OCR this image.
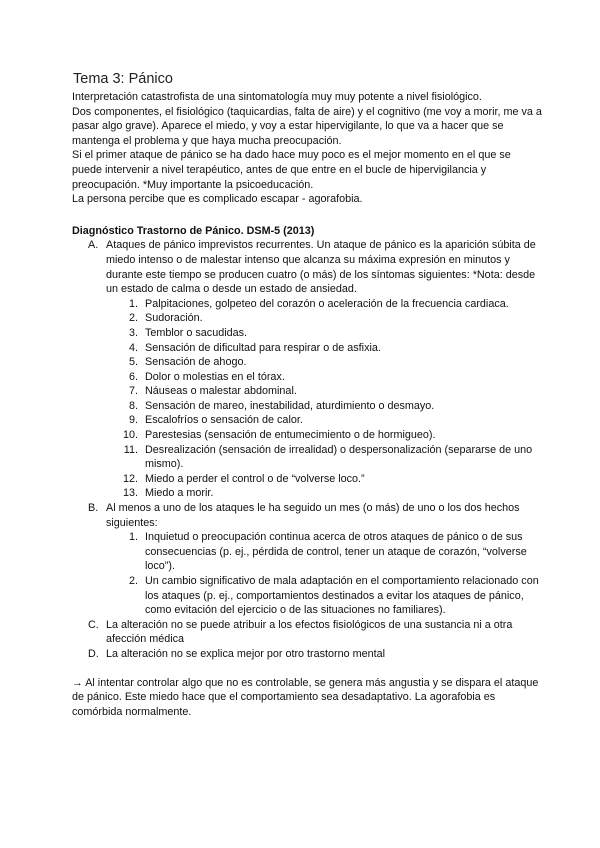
Tema 3: Pánico

Interpretación catastrofista de una sintomatología muy muy potente a nivel fisiológico.

Dos componentes, el fisiológico (taquicardias, falta de aire) y el cognitivo (me voy a morir, me va a pasar algo grave). Aparece el miedo, y voy a estar hipervigilante, lo que va a hacer que se mantenga el problema y que haya mucha preocupación.

Si el primer ataque de pánico se ha dado hace muy poco es el mejor momento en el que se puede intervenir a nivel terapéutico, antes de que entre en el bucle de hipervigilancia y preocupación. *Muy importante la psicoeducación.

La persona percibe que es complicado escapar - agorafobia.

Diagnóstico Trastorno de Pánico. DSM-5 (2013)
A. Ataques de pánico imprevistos recurrentes. Un ataque de pánico es la aparición súbita de miedo intenso o de malestar intenso que alcanza su máxima expresión en minutos y durante este tiempo se producen cuatro (o más) de los síntomas siguientes: *Nota: desde un estado de calma o desde un estado de ansiedad.
1. Palpitaciones, golpeteo del corazón o aceleración de la frecuencia cardiaca.
2. Sudoración.
3. Temblor o sacudidas.
4. Sensación de dificultad para respirar o de asfixia.
5. Sensación de ahogo.
6. Dolor o molestias en el tórax.
7. Náuseas o malestar abdominal.
8. Sensación de mareo, inestabilidad, aturdimiento o desmayo.
9. Escalofríos o sensación de calor.
10. Parestesias (sensación de entumecimiento o de hormigueo).
11. Desrealización (sensación de irrealidad) o despersonalización (separarse de uno mismo).
12. Miedo a perder el control o de “volverse loco.”
13. Miedo a morir.
B. Al menos a uno de los ataques le ha seguido un mes (o más) de uno o los dos hechos siguientes:
1. Inquietud o preocupación continua acerca de otros ataques de pánico o de sus consecuencias (p. ej., pérdida de control, tener un ataque de corazón, “volverse loco”).
2. Un cambio significativo de mala adaptación en el comportamiento relacionado con los ataques (p. ej., comportamientos destinados a evitar los ataques de pánico, como evitación del ejercicio o de las situaciones no familiares).
C. La alteración no se puede atribuir a los efectos fisiológicos de una sustancia ni a otra afección médica
D. La alteración no se explica mejor por otro trastorno mental

→ Al intentar controlar algo que no es controlable, se genera más angustia y se dispara el ataque de pánico. Este miedo hace que el comportamiento sea desadaptativo. La agorafobia es comórbida normalmente.
